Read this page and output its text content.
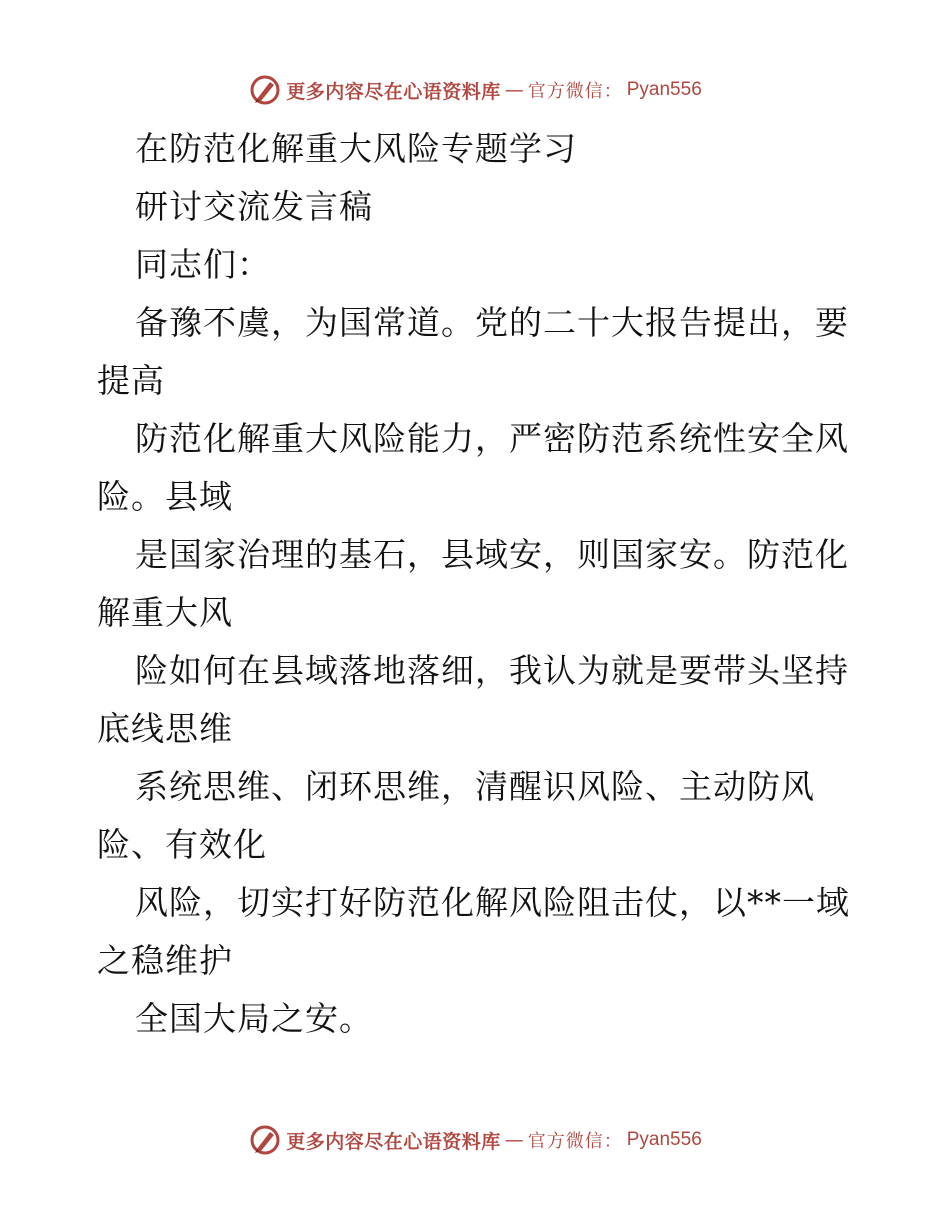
更多内容尽在心语资料库 — 官方微信： Pyan556
在防范化解重大风险专题学习
研讨交流发言稿
同志们：
备豫不虞，为国常道。党的二十大报告提出，要
提高
防范化解重大风险能力，严密防范系统性安全风
险。县域
是国家治理的基石，县域安，则国家安。防范化
解重大风
险如何在县域落地落细，我认为就是要带头坚持
底线思维
系统思维、闭环思维，清醒识风险、主动防风
险、有效化
风险，切实打好防范化解风险阻击仗，以**一域
之稳维护
全国大局之安。
更多内容尽在心语资料库 — 官方微信： Pyan556
